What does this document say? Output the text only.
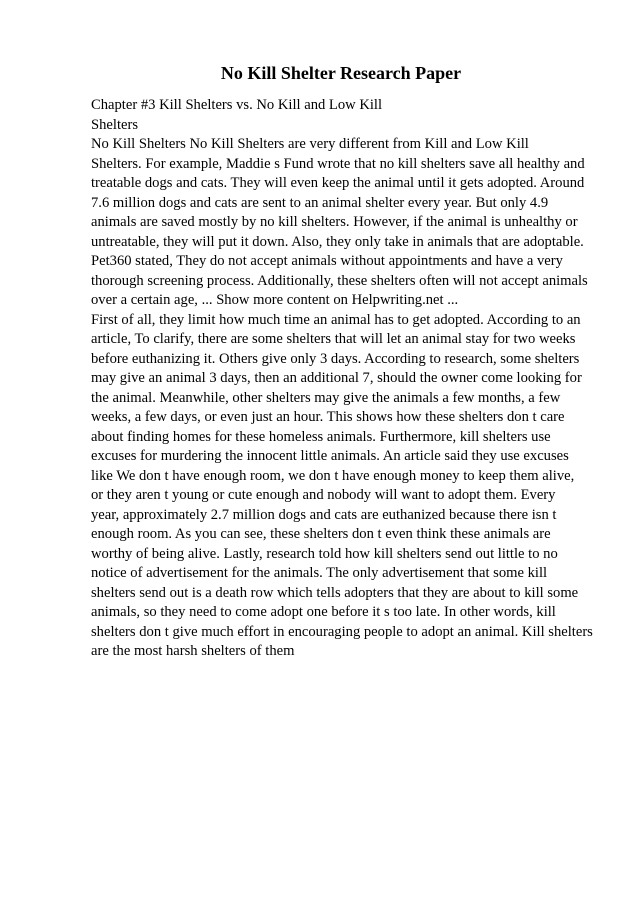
No Kill Shelter Research Paper
Chapter #3 Kill Shelters vs. No Kill and Low Kill
Shelters
No Kill Shelters No Kill Shelters are very different from Kill and Low Kill
Shelters. For example, Maddie s Fund wrote that no kill shelters save all healthy and
treatable dogs and cats. They will even keep the animal until it gets adopted. Around
7.6 million dogs and cats are sent to an animal shelter every year. But only 4.9
animals are saved mostly by no kill shelters. However, if the animal is unhealthy or
untreatable, they will put it down. Also, they only take in animals that are adoptable.
Pet360 stated, They do not accept animals without appointments and have a very
thorough screening process. Additionally, these shelters often will not accept animals
over a certain age, ... Show more content on Helpwriting.net ...
First of all, they limit how much time an animal has to get adopted. According to an
article, To clarify, there are some shelters that will let an animal stay for two weeks
before euthanizing it. Others give only 3 days. According to research, some shelters
may give an animal 3 days, then an additional 7, should the owner come looking for
the animal. Meanwhile, other shelters may give the animals a few months, a few
weeks, a few days, or even just an hour. This shows how these shelters don t care
about finding homes for these homeless animals. Furthermore, kill shelters use
excuses for murdering the innocent little animals. An article said they use excuses
like We don t have enough room, we don t have enough money to keep them alive,
or they aren t young or cute enough and nobody will want to adopt them. Every
year, approximately 2.7 million dogs and cats are euthanized because there isn t
enough room. As you can see, these shelters don t even think these animals are
worthy of being alive. Lastly, research told how kill shelters send out little to no
notice of advertisement for the animals. The only advertisement that some kill
shelters send out is a death row which tells adopters that they are about to kill some
animals, so they need to come adopt one before it s too late. In other words, kill
shelters don t give much effort in encouraging people to adopt an animal. Kill shelters
are the most harsh shelters of them
